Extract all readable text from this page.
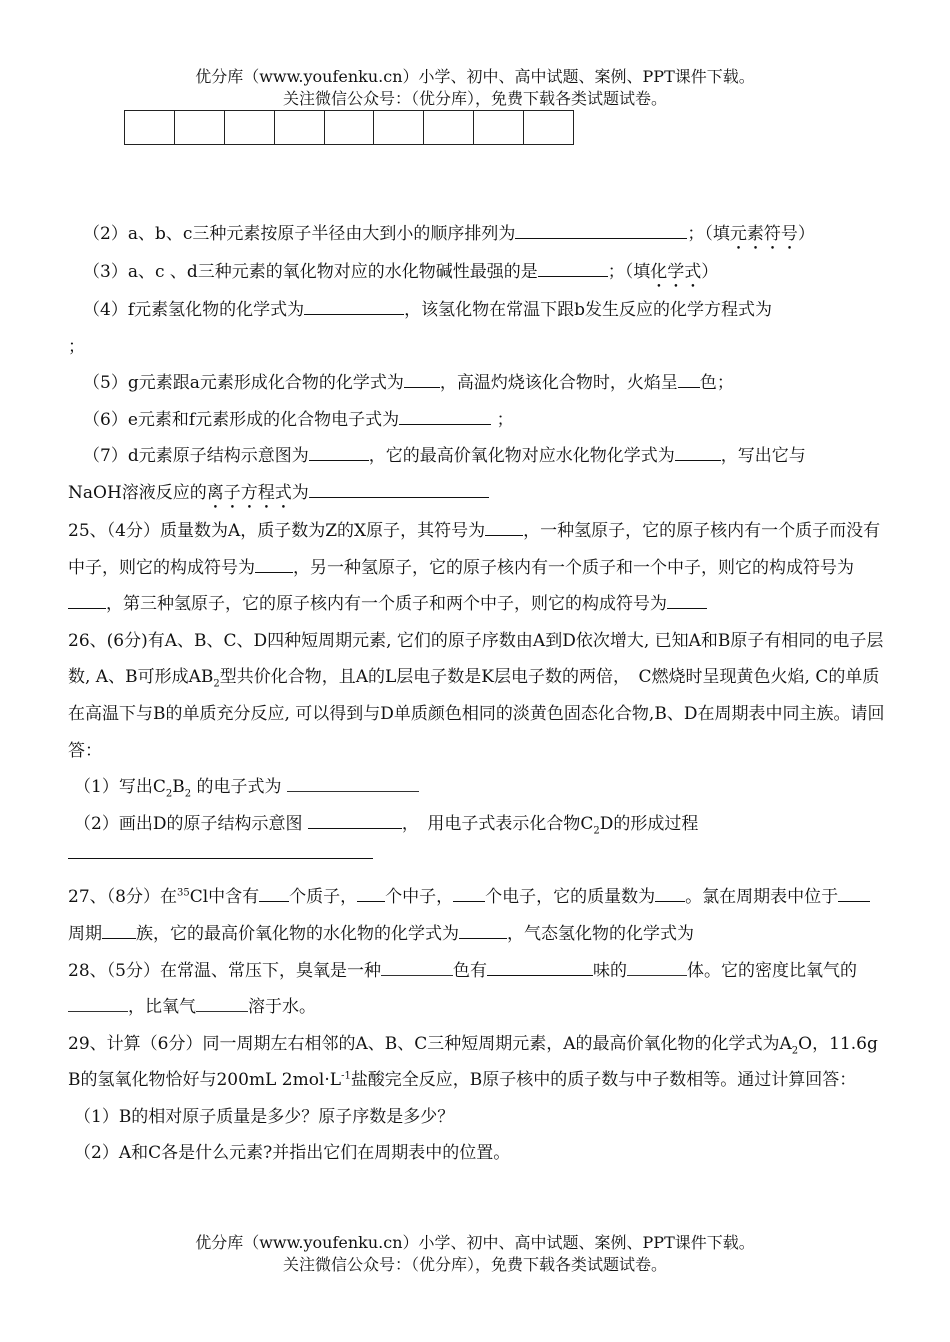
优分库（www.youfenku.cn）小学、初中、高中试题、案例、PPT课件下载。
关注微信公众号：（优分库），免费下载各类试题试卷。

（2）a、b、c三种元素按原子半径由大到小的顺序排列为	；（填元素符号）

（3）a、c 、d三种元素的氧化物对应的水化物碱性最强的是	；（填化学式）

（4）f元素氢化物的化学式为	，该氢化物在常温下跟b发生反应的化学方程式为

；

（5）g元素跟a元素形成化合物的化学式为 ，高温灼烧该化合物时，火焰呈 色；

（6）e元素和f元素形成的化合物电子式为	；

（7）d元素原子结构示意图为	，它的最高价氧化物对应水化物化学式为	，写出它与

NaOH溶液反应的离子方程式为

25、（4分）质量数为A，质子数为Z的X原子，其符号为 ，一种氢原子，它的原子核内有一个质子而没有中子，则它的构成符号为 ，另一种氢原子，它的原子核内有一个质子和一个中子，则它的构成符号为，第三种氢原子，它的原子核内有一个质子和两个中子，则它的构成符号为

26、(6分)有A、B、C、D四种短周期元素, 它们的原子序数由A到D依次增大, 已知A和B原子有相同的电子层数, A、B可形成$AB_2$型共价化合物，且A的L层电子数是K层电子数的两倍，　C燃烧时呈现黄色火焰, C的单质在高温下与B的单质充分反应, 可以得到与D单质颜色相同的淡黄色固态化合物,B、D在周期表中同主族。请回答：

（1）写出$C_2B_2$ 的电子式为

（2）画出D的原子结构示意图	，　用电子式表示化合物$C_2D$的形成过程

27、（8分）在$^{35}$Cl中含有 个质子， 个中子， 个电子，它的质量数为 。氯在周期表中位于周期 族，它的最高价氧化物的水化物的化学式为	，气态氢化物的化学式为

28、（5分）在常温、常压下，臭氧是一种	色有	味的	体。它的密度比氧气的，比氧气	溶于水。

29、计算（6分）同一周期左右相邻的A、B、C三种短周期元素，A的最高价氧化物的化学式为$A_2O$，11.6g B的氢氧化物恰好与200mL $2mol\cdot L^{-1}$盐酸完全反应，B原子核中的质子数与中子数相等。通过计算回答：

（1）B的相对原子质量是多少？原子序数是多少？

（2）A和C各是什么元素?并指出它们在周期表中的位置。

优分库（www.youfenku.cn）小学、初中、高中试题、案例、PPT课件下载。
关注微信公众号：（优分库），免费下载各类试题试卷。
